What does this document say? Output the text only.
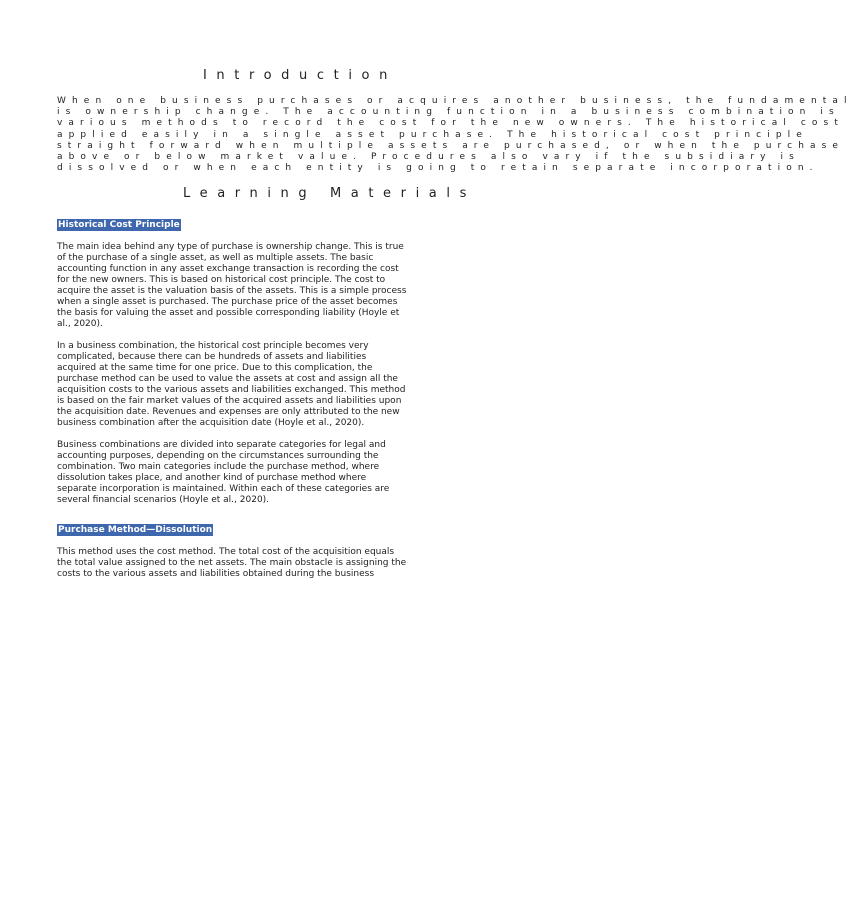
Introduction
When one business purchases or acquires another business, the fundamental
is ownership change. The accounting function in a business combination is
various methods to record the cost for the new owners. The historical cost
applied easily in a single asset purchase. The historical cost principle
straight forward when multiple assets are purchased, or when the purchase
above or below market value. Procedures also vary if the subsidiary is
dissolved or when each entity is going to retain separate incorporation.
Learning Materials
Historical Cost Principle
The main idea behind any type of purchase is ownership change. This is true
of the purchase of a single asset, as well as multiple assets. The basic
accounting function in any asset exchange transaction is recording the cost
for the new owners. This is based on historical cost principle. The cost to
acquire the asset is the valuation basis of the assets. This is a simple process
when a single asset is purchased. The purchase price of the asset becomes
the basis for valuing the asset and possible corresponding liability (Hoyle et
al., 2020).
In a business combination, the historical cost principle becomes very
complicated, because there can be hundreds of assets and liabilities
acquired at the same time for one price. Due to this complication, the
purchase method can be used to value the assets at cost and assign all the
acquisition costs to the various assets and liabilities exchanged. This method
is based on the fair market values of the acquired assets and liabilities upon
the acquisition date. Revenues and expenses are only attributed to the new
business combination after the acquisition date (Hoyle et al., 2020).
Business combinations are divided into separate categories for legal and
accounting purposes, depending on the circumstances surrounding the
combination. Two main categories include the purchase method, where
dissolution takes place, and another kind of purchase method where
separate incorporation is maintained. Within each of these categories are
several financial scenarios (Hoyle et al., 2020).
Purchase Method—Dissolution
This method uses the cost method. The total cost of the acquisition equals
the total value assigned to the net assets. The main obstacle is assigning the
costs to the various assets and liabilities obtained during the business
